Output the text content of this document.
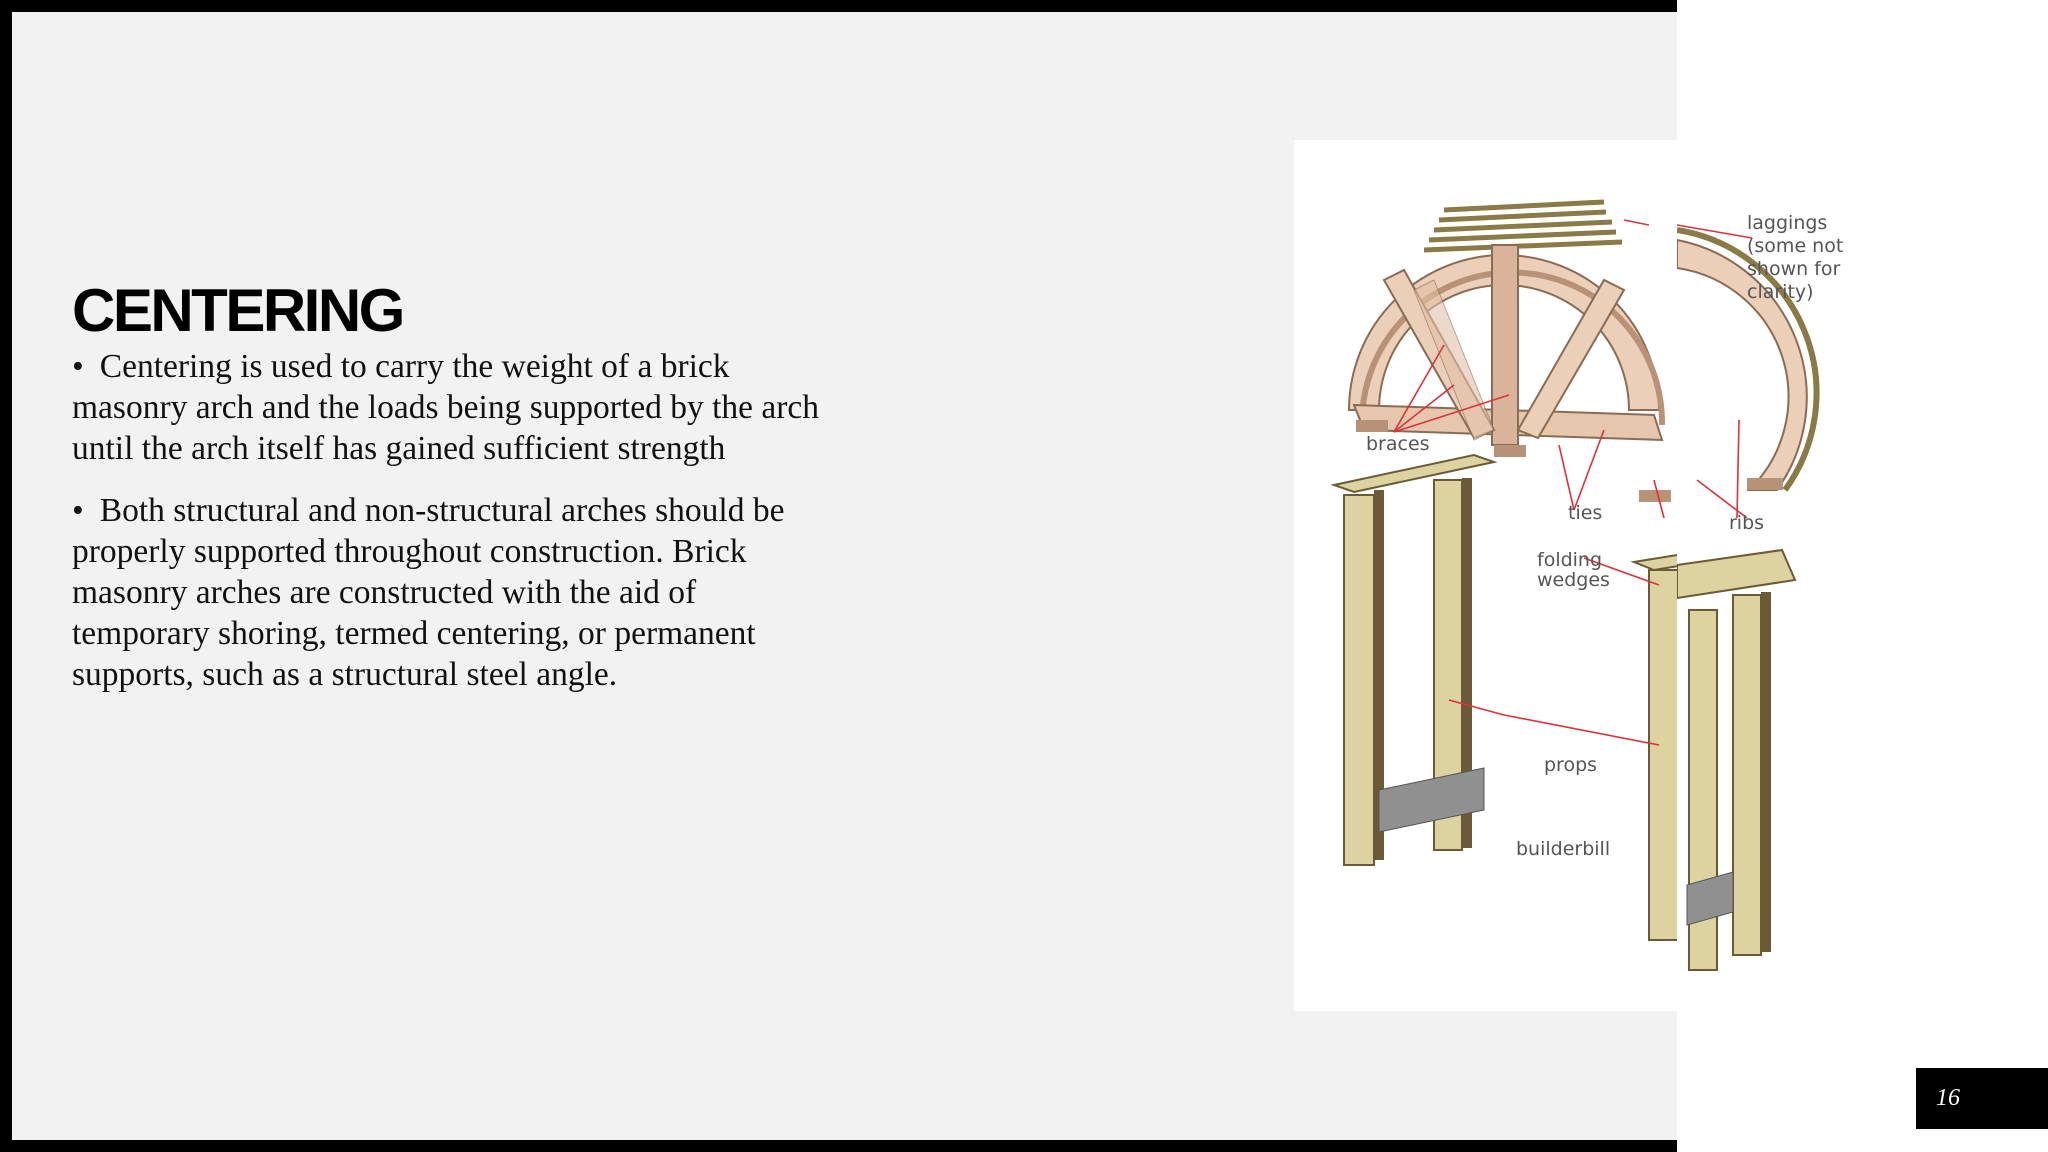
CENTERING

• Centering is used to carry the weight of a brick masonry arch and the loads being supported by the arch until the arch itself has gained sufficient strength

• Both structural and non-structural arches should be properly supported throughout construction. Brick masonry arches are constructed with the aid of temporary shoring, termed centering, or permanent supports, such as a structural steel angle.

braces
ties
folding
wedges
props
builderbill
laggings
(some not
shown for
clarity)
ribs
16
